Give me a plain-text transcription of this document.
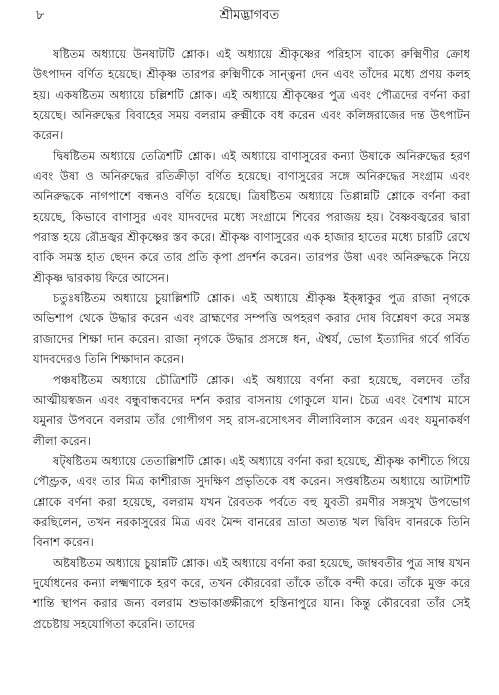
৮	শ্রীমদ্ভাগবত

ষষ্টিতম অধ্যায়ে উনষাটটি শ্লোক। এই অধ্যায়ে শ্রীকৃষ্ণের পরিহাস বাক্যে রুক্মিণীর ক্রোধ উৎপাদন বর্ণিত হয়েছে। শ্রীকৃষ্ণ তারপর রুক্মিণীকে সান্ত্বনা দেন এবং তাঁদের মধ্যে প্রণয় কলহ হয়। একষষ্টিতম অধ্যায়ে চল্লিশটি শ্লোক। এই অধ্যায়ে শ্রীকৃষ্ণের পুত্র এবং পৌত্রদের বর্ণনা করা হয়েছে। অনিরুদ্ধের বিবাহের সময় বলরাম রুক্মীকে বধ করেন এবং কলিঙ্গরাজের দন্ত উৎপাটন করেন।

দ্বিষষ্টিতম অধ্যায়ে তেত্রিশটি শ্লোক। এই অধ্যায়ে বাণাসুরের কন্যা উষাকে অনিরুদ্ধের হরণ এবং উষা ও অনিরুদ্ধের রতিক্রীড়া বর্ণিত হয়েছে। বাণাসুরের সঙ্গে অনিরুদ্ধের সংগ্রাম এবং অনিরুদ্ধকে নাগপাশে বন্ধনও বর্ণিত হয়েছে। ত্রিষষ্টিতম অধ্যায়ে তিপ্পান্নটি শ্লোকে বর্ণনা করা হয়েছে, কিভাবে বাণাসুর এবং যাদবদের মধ্যে সংগ্রামে শিবের পরাজয় হয়। বৈষ্ণবজ্বরের দ্বারা পরাস্ত হয়ে রৌদ্রজ্বর শ্রীকৃষ্ণের স্তব করে। শ্রীকৃষ্ণ বাণাসুরের এক হাজার হাতের মধ্যে চারটি রেখে বাকি সমস্ত হাত ছেদন করে তার প্রতি কৃপা প্রদর্শন করেন। তারপর উষা এবং অনিরুদ্ধকে নিয়ে শ্রীকৃষ্ণ দ্বারকায় ফিরে আসেন।

চতুঃষষ্টিতম অধ্যায়ে চুয়াল্লিশটি শ্লোক। এই অধ্যায়ে শ্রীকৃষ্ণ ইক্ষ্বাকুর পুত্র রাজা নৃগকে অভিশাপ থেকে উদ্ধার করেন এবং ব্রাহ্মণের সম্পত্তি অপহরণ করার দোষ বিশ্লেষণ করে সমস্ত রাজাদের শিক্ষা দান করেন। রাজা নৃগকে উদ্ধার প্রসঙ্গে ধন, ঐশ্বর্য, ভোগ ইত্যাদির গর্বে গর্বিত যাদবদেরও তিনি শিক্ষাদান করেন।

পঞ্চষষ্টিতম অধ্যায়ে চৌত্রিশটি শ্লোক। এই অধ্যায়ে বর্ণনা করা হয়েছে, বলদেব তাঁর আত্মীয়স্বজন এবং বন্ধুবান্ধবদের দর্শন করার বাসনায় গোকুলে যান। চৈত্র এবং বৈশাখ মাসে যমুনার উপবনে বলরাম তাঁর গোপীগণ সহ রাস-রসোৎসব লীলাবিলাস করেন এবং যমুনাকর্ষণ লীলা করেন।

ষট্‌ষষ্টিতম অধ্যায়ে তেতাল্লিশটি শ্লোক। এই অধ্যায়ে বর্ণনা করা হয়েছে, শ্রীকৃষ্ণ কাশীতে গিয়ে পৌণ্ড্রক, এবং তার মিত্র কাশীরাজ সুদক্ষিণ প্রভৃতিকে বধ করেন। সপ্তষষ্টিতম অধ্যায়ে আটাশটি শ্লোকে বর্ণনা করা হয়েছে, বলরাম যখন রৈবতক পর্বতে বহু যুবতী রমণীর সঙ্গসুখ উপভোগ করছিলেন, তখন নরকাসুরের মিত্র এবং মৈন্দ বানরের ভ্রাতা অত্যন্ত খল দ্বিবিদ বানরকে তিনি বিনাশ করেন।

অষ্টষষ্টিতম অধ্যায়ে চুয়ান্নটি শ্লোক। এই অধ্যায়ে বর্ণনা করা হয়েছে, জাম্ববতীর পুত্র সাম্ব যখন দুর্যোধনের কন্যা লক্ষ্মণাকে হরণ করে, তখন কৌরবেরা তাঁকে তাঁকে বন্দী করে। তাঁকে মুক্ত করে শান্তি স্থাপন করার জন্য বলরাম শুভাকাঙ্ক্ষীরূপে হস্তিনাপুরে যান। কিন্তু কৌরবেরা তাঁর সেই প্রচেষ্টায় সহযোগিতা করেনি। তাদের
